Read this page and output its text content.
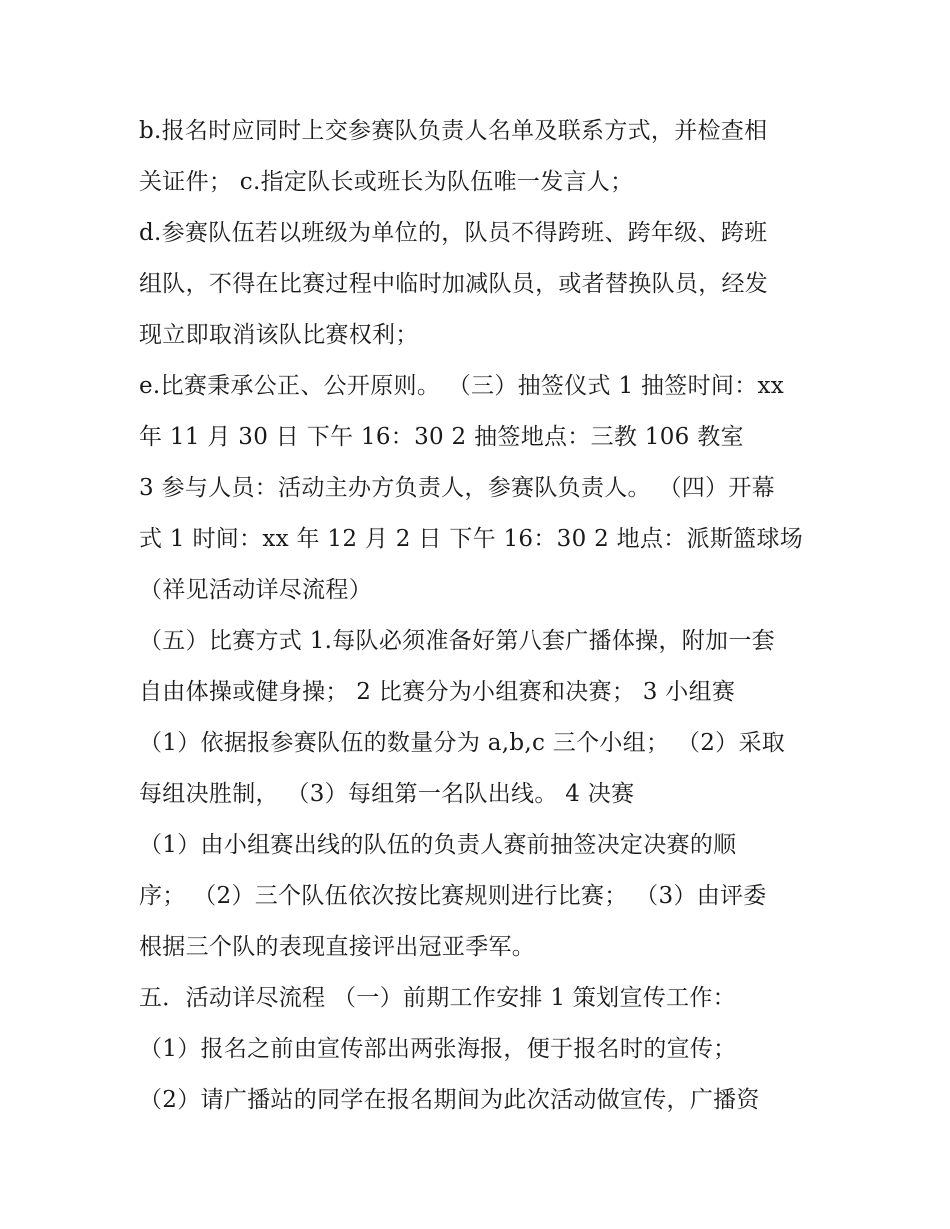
b.报名时应同时上交参赛队负责人名单及联系方式，并检查相
关证件； c.指定队长或班长为队伍唯一发言人；
d.参赛队伍若以班级为单位的，队员不得跨班、跨年级、跨班
组队，不得在比赛过程中临时加减队员，或者替换队员，经发
现立即取消该队比赛权利；
e.比赛秉承公正、公开原则。 （三）抽签仪式 1 抽签时间：xx
年 11 月 30 日 下午 16：30 2 抽签地点：三教 106 教室
3 参与人员：活动主办方负责人，参赛队负责人。 （四）开幕
式 1 时间：xx 年 12 月 2 日 下午 16：30 2 地点：派斯篮球场
（祥见活动详尽流程）
（五）比赛方式 1.每队必须准备好第八套广播体操，附加一套
自由体操或健身操； 2 比赛分为小组赛和决赛； 3 小组赛
（1）依据报参赛队伍的数量分为 a,b,c 三个小组； （2）采取
每组决胜制， （3）每组第一名队出线。 4 决赛
（1）由小组赛出线的队伍的负责人赛前抽签决定决赛的顺
序； （2）三个队伍依次按比赛规则进行比赛； （3）由评委
根据三个队的表现直接评出冠亚季军。
五．活动详尽流程 （一）前期工作安排 1 策划宣传工作：
（1）报名之前由宣传部出两张海报，便于报名时的宣传；
（2）请广播站的同学在报名期间为此次活动做宣传，广播资
